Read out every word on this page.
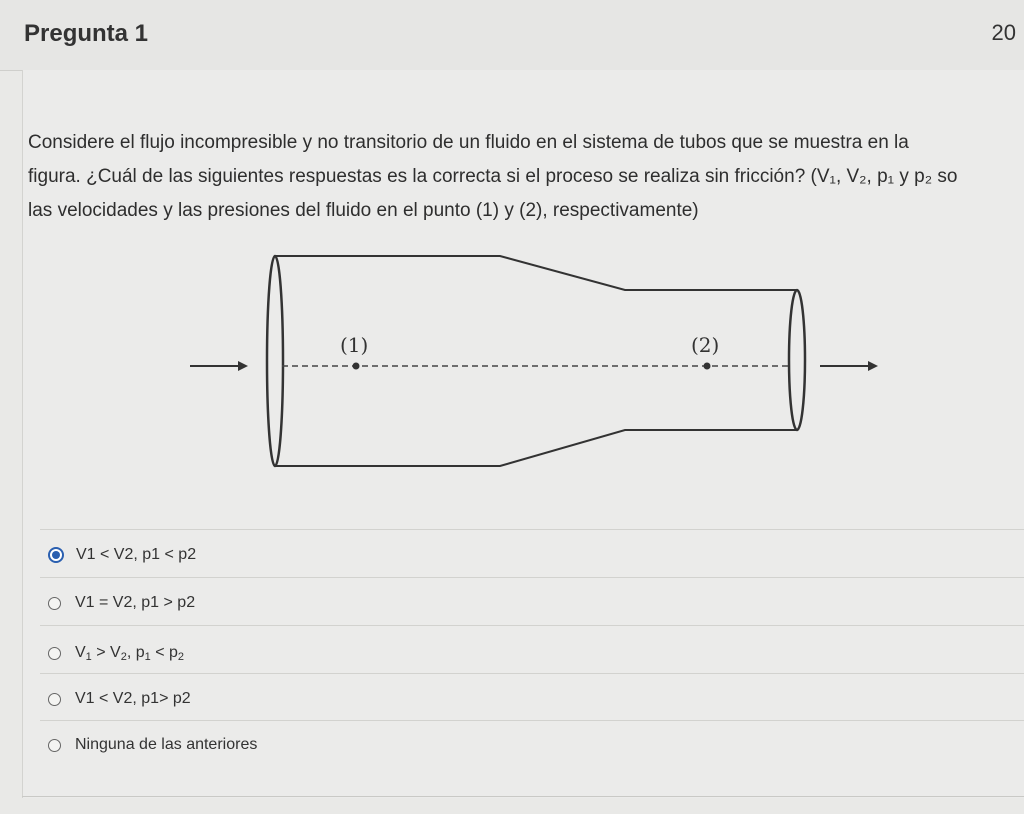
Pregunta 1	20
Considere el flujo incompresible y no transitorio de un fluido en el sistema de tubos que se muestra en la
figura. ¿Cuál de las siguientes respuestas es la correcta si el proceso se realiza sin fricción? (V₁, V₂, p₁ y p₂ so
las velocidades y las presiones del fluido en el punto (1) y (2), respectivamente)
(1)	(2)
V1 < V2, p1 < p2
V1 = V2, p1 > p2
$V_1 > V_2$, $p_1 < p_2$
V1 < V2, p1> p2
Ninguna de las anteriores
